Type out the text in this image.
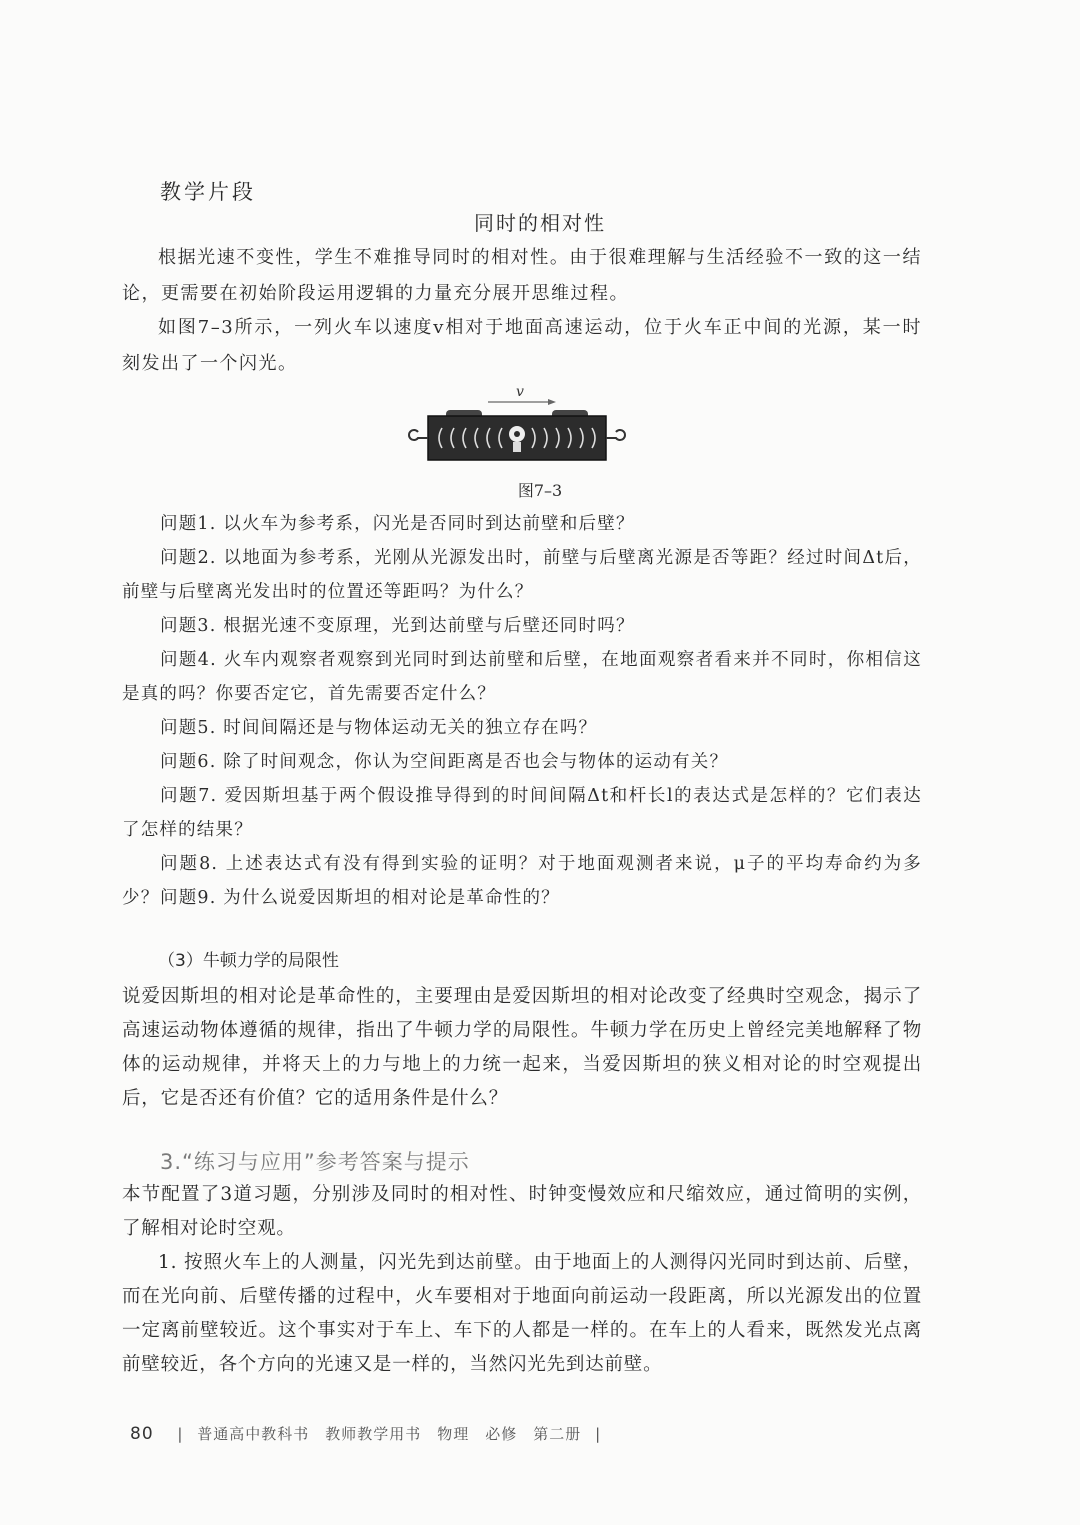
教学片段
同时的相对性
根据光速不变性，学生不难推导同时的相对性。由于很难理解与生活经验不一致的这一结论，更需要在初始阶段运用逻辑的力量充分展开思维过程。
如图7–3所示，一列火车以速度v相对于地面高速运动，位于火车正中间的光源，某一时刻发出了一个闪光。
v
图7–3
问题1. 以火车为参考系，闪光是否同时到达前壁和后壁？
问题2. 以地面为参考系，光刚从光源发出时，前壁与后壁离光源是否等距？经过时间Δt后，前壁与后壁离光发出时的位置还等距吗？为什么？
问题3. 根据光速不变原理，光到达前壁与后壁还同时吗？
问题4. 火车内观察者观察到光同时到达前壁和后壁，在地面观察者看来并不同时，你相信这是真的吗？你要否定它，首先需要否定什么？
问题5. 时间间隔还是与物体运动无关的独立存在吗？
问题6. 除了时间观念，你认为空间距离是否也会与物体的运动有关？
问题7. 爱因斯坦基于两个假设推导得到的时间间隔Δt和杆长l的表达式是怎样的？它们表达了怎样的结果？
问题8. 上述表达式有没有得到实验的证明？对于地面观测者来说，μ子的平均寿命约为多少？ 问题9. 为什么说爱因斯坦的相对论是革命性的？
（3）牛顿力学的局限性
说爱因斯坦的相对论是革命性的，主要理由是爱因斯坦的相对论改变了经典时空观念，揭示了高速运动物体遵循的规律，指出了牛顿力学的局限性。牛顿力学在历史上曾经完美地解释了物体的运动规律，并将天上的力与地上的力统一起来，当爱因斯坦的狭义相对论的时空观提出后，它是否还有价值？它的适用条件是什么？
3.“练习与应用”参考答案与提示
本节配置了3道习题，分别涉及同时的相对性、时钟变慢效应和尺缩效应，通过简明的实例，了解相对论时空观。
1. 按照火车上的人测量，闪光先到达前壁。由于地面上的人测得闪光同时到达前、后壁，而在光向前、后壁传播的过程中，火车要相对于地面向前运动一段距离，所以光源发出的位置一定离前壁较近。这个事实对于车上、车下的人都是一样的。在车上的人看来，既然发光点离前壁较近，各个方向的光速又是一样的，当然闪光先到达前壁。
80 | 普通高中教科书　教师教学用书　物理　必修　第二册 |
